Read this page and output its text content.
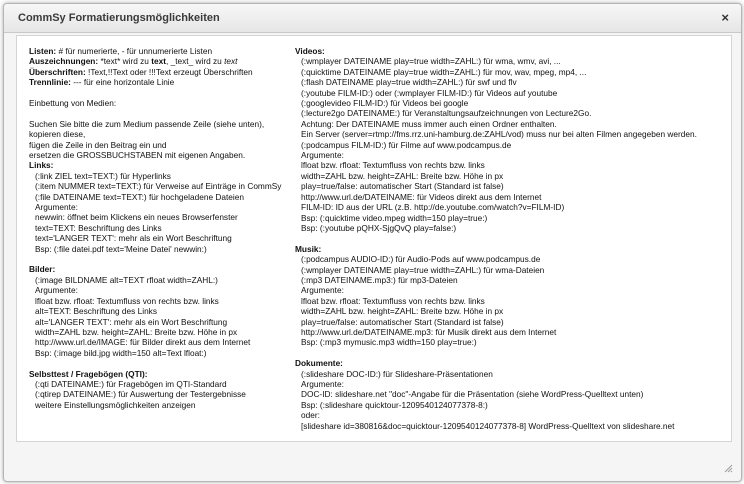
CommSy Formatierungsmöglichkeiten	×
Listen: # für numerierte, - für unnumerierte Listen
Auszeichnungen: *text* wird zu text, _text_ wird zu text
Überschriften: !Text,!!Text oder !!!Text erzeugt Überschriften
Trennlinie: --- für eine horizontale Linie
Einbettung von Medien:
Suchen Sie bitte die zum Medium passende Zeile (siehe unten),
kopieren diese,
fügen die Zeile in den Beitrag ein und
ersetzen die GROSSBUCHSTABEN mit eigenen Angaben.
Links:
(:link ZIEL text=TEXT:) für Hyperlinks
(:item NUMMER text=TEXT:) für Verweise auf Einträge in CommSy
(:file DATEINAME text=TEXT:) für hochgeladene Dateien
Argumente:
newwin: öffnet beim Klickens ein neues Browserfenster
text=TEXT: Beschriftung des Links
text='LANGER TEXT': mehr als ein Wort Beschriftung
Bsp: (:file datei.pdf text='Meine Datei' newwin:)
Bilder:
(:image BILDNAME alt=TEXT rfloat width=ZAHL:)
Argumente:
lfloat bzw. rfloat: Textumfluss von rechts bzw. links
alt=TEXT: Beschriftung des Links
alt='LANGER TEXT': mehr als ein Wort Beschriftung
width=ZAHL bzw. height=ZAHL: Breite bzw. Höhe in px
http://www.url.de/IMAGE: für Bilder direkt aus dem Internet
Bsp: (:image bild.jpg width=150 alt=Text lfloat:)
Selbsttest / Fragebögen (QTI):
(:qti DATEINAME:) für Fragebögen im QTI-Standard
(:qtirep DATEINAME:) für Auswertung der Testergebnisse
weitere Einstellungsmöglichkeiten anzeigen
Videos:
(:wmplayer DATEINAME play=true width=ZAHL:) für wma, wmv, avi, ...
(:quicktime DATEINAME play=true width=ZAHL:) für mov, wav, mpeg, mp4, ...
(:flash DATEINAME play=true width=ZAHL:) für swf und flv
(:youtube FILM-ID:) oder (:wmplayer FILM-ID:) für Videos auf youtube
(:googlevideo FILM-ID:) für Videos bei google
(:lecture2go DATEINAME:) für Veranstaltungsaufzeichnungen von Lecture2Go.
Achtung: Der DATEINAME muss immer auch einen Ordner enthalten.
Ein Server (server=rtmp://fms.rrz.uni-hamburg.de:ZAHL/vod) muss nur bei alten Filmen angegeben werden.
(:podcampus FILM-ID:) für Filme auf www.podcampus.de
Argumente:
lfloat bzw. rfloat: Textumfluss von rechts bzw. links
width=ZAHL bzw. height=ZAHL: Breite bzw. Höhe in px
play=true/false: automatischer Start (Standard ist false)
http://www.url.de/DATEINAME: für Videos direkt aus dem Internet
FILM-ID: ID aus der URL (z.B. http://de.youtube.com/watch?v=FILM-ID)
Bsp: (:quicktime video.mpeg width=150 play=true:)
Bsp: (:youtube pQHX-SjgQvQ play=false:)
Musik:
(:podcampus AUDIO-ID:) für Audio-Pods auf www.podcampus.de
(:wmplayer DATEINAME play=true width=ZAHL:) für wma-Dateien
(:mp3 DATEINAME.mp3:) für mp3-Dateien
Argumente:
lfloat bzw. rfloat: Textumfluss von rechts bzw. links
width=ZAHL bzw. height=ZAHL: Breite bzw. Höhe in px
play=true/false: automatischer Start (Standard ist false)
http://www.url.de/DATEINAME.mp3: für Musik direkt aus dem Internet
Bsp: (:mp3 mymusic.mp3 width=150 play=true:)
Dokumente:
(:slideshare DOC-ID:) für Slideshare-Präsentationen
Argumente:
DOC-ID: slideshare.net "doc"-Angabe für die Präsentation (siehe WordPress-Quelltext unten)
Bsp: (:slideshare quicktour-1209540124077378-8:)
oder:
[slideshare id=380816&doc=quicktour-1209540124077378-8] WordPress-Quelltext von slideshare.net
